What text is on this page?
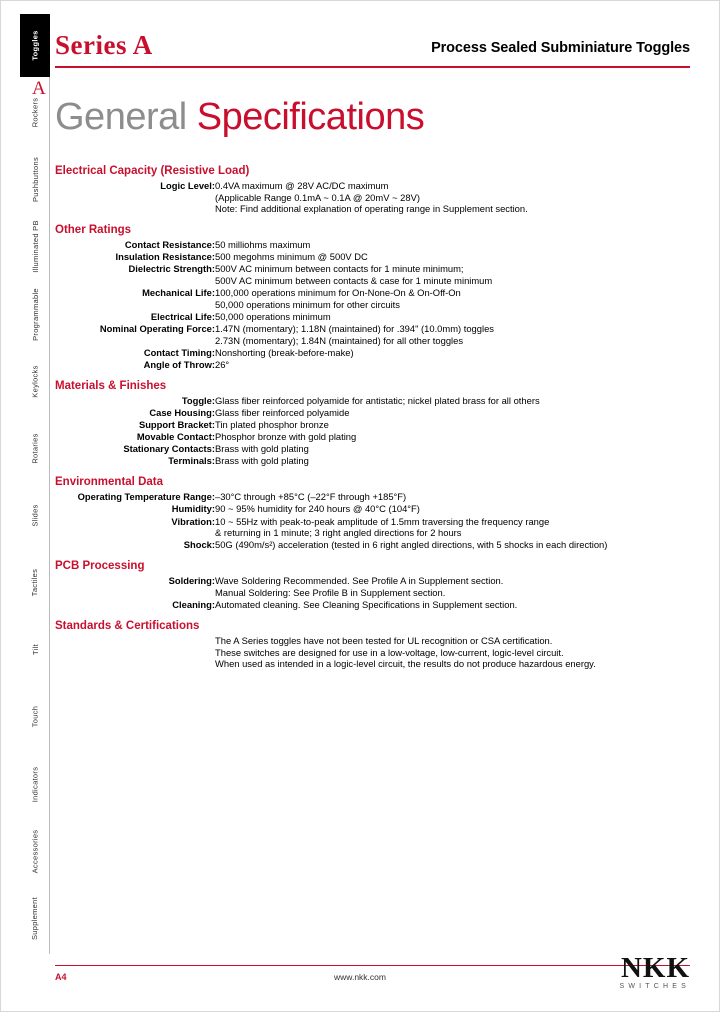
Toggles
Rockers
Pushbuttons
Illuminated PB
Programmable
Keylocks
Rotaries
Slides
Tactiles
Tilt
Touch
Indicators
Accessories
Supplement
A
Series A	Process Sealed Subminiature Toggles
General Specifications
Electrical Capacity (Resistive Load)
Logic Level:	0.4VA maximum @ 28V AC/DC maximum
(Applicable Range 0.1mA ~ 0.1A @ 20mV ~ 28V)
Note: Find additional explanation of operating range in Supplement section.
Other Ratings
Contact Resistance:	50 milliohms maximum

Insulation Resistance:	500 megohms minimum @ 500V DC

Dielectric Strength:	500V AC minimum between contacts for 1 minute minimum;
500V AC minimum between contacts & case for 1 minute minimum

Mechanical Life:	100,000 operations minimum for On-None-On & On-Off-On
50,000 operations minimum for other circuits

Electrical Life:	50,000 operations minimum

Nominal Operating Force:	1.47N (momentary); 1.18N (maintained) for .394" (10.0mm) toggles
2.73N (momentary); 1.84N (maintained) for all other toggles

Contact Timing:	Nonshorting (break-before-make)

Angle of Throw:	26°
Materials & Finishes
Toggle:	Glass fiber reinforced polyamide for antistatic; nickel plated brass for all others

Case Housing:	Glass fiber reinforced polyamide

Support Bracket:	Tin plated phosphor bronze

Movable Contact:	Phosphor bronze with gold plating

Stationary Contacts:	Brass with gold plating

Terminals:	Brass with gold plating
Environmental Data
Operating Temperature Range:	–30°C through +85°C (–22°F through +185°F)

Humidity:	90 ~ 95% humidity for 240 hours @ 40°C (104°F)

Vibration:	10 ~ 55Hz with peak-to-peak amplitude of 1.5mm traversing the frequency range
& returning in 1 minute; 3 right angled directions for 2 hours

Shock:	50G (490m/s²) acceleration (tested in 6 right angled directions, with 5 shocks in each direction)
PCB Processing
Soldering:	Wave Soldering Recommended. See Profile A in Supplement section.
Manual Soldering: See Profile B in Supplement section.

Cleaning:	Automated cleaning. See Cleaning Specifications in Supplement section.
Standards & Certifications

The A Series toggles have not been tested for UL recognition or CSA certification.
These switches are designed for use in a low-voltage, low-current, logic-level circuit.
When used as intended in a logic-level circuit, the results do not produce hazardous energy.
A4	www.nkk.com	NKK
SWITCHES
